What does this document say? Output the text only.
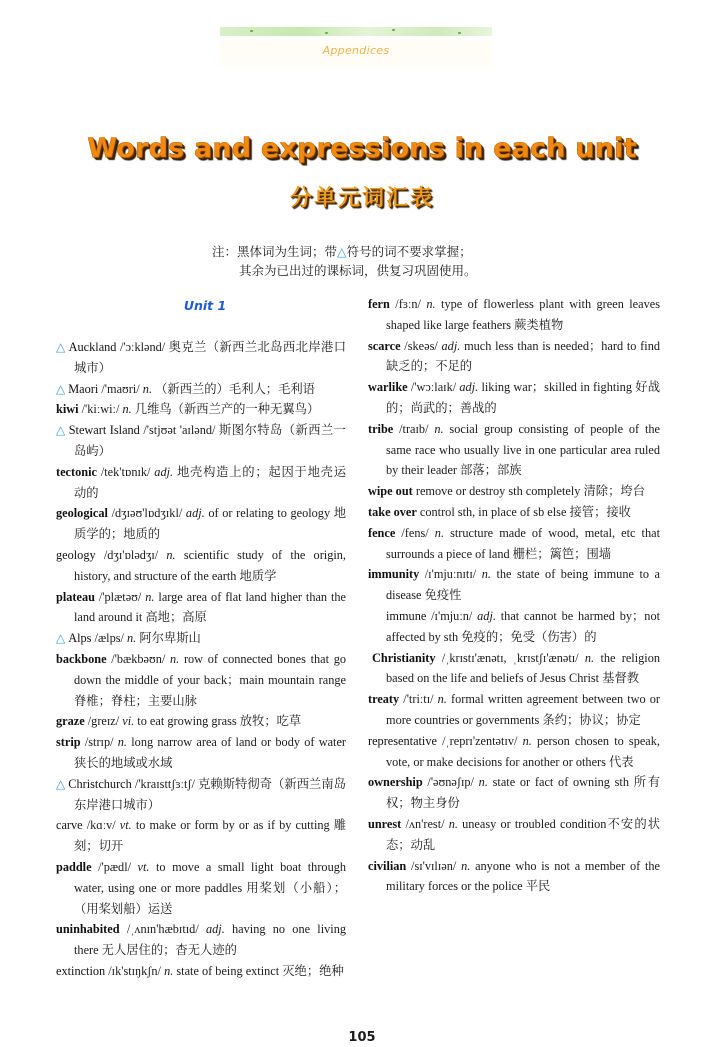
Appendices
Words and expressions in each unit
分单元词汇表
注：黑体词为生词；带△符号的词不要求掌握；
其余为已出过的课标词，供复习巩固使用。
Unit 1

△ Auckland /'ɔːklənd/ 奥克兰（新西兰北岛西北岸港口城市）

△ Maori /'maʊri/ n. （新西兰的）毛利人；毛利语

kiwi /'kiːwiː/ n. 几维鸟（新西兰产的一种无翼鸟）

△ Stewart Island /'stjʊət 'aɪlənd/ 斯图尔特岛（新西兰一岛屿）

tectonic /tek'tɒnɪk/ adj. 地壳构造上的；起因于地壳运动的

geological /dʒɪəʊ'lɒdʒɪkl/ adj. of or relating to geology 地质学的；地质的

geology /dʒɪ'ɒlədʒɪ/ n. scientific study of the origin, history, and structure of the earth 地质学

plateau /'plætəʊ/ n. large area of flat land higher than the land around it 高地；高原

△ Alps /ælps/ n. 阿尔卑斯山

backbone /'bækbəʊn/ n. row of connected bones that go down the middle of your back；main mountain range 脊椎；脊柱；主要山脉

graze /greɪz/ vi. to eat growing grass 放牧；吃草

strip /strɪp/ n. long narrow area of land or body of water 狭长的地域或水域

△ Christchurch /'kraɪsttʃɜːtʃ/ 克赖斯特彻奇（新西兰南岛东岸港口城市）

carve /kɑːv/ vt. to make or form by or as if by cutting 雕刻；切开

paddle /'pædl/ vt. to move a small light boat through water, using one or more paddles 用桨划（小船）；（用桨划船）运送

uninhabited /ˌʌnɪn'hæbɪtɪd/ adj. having no one living there 无人居住的；杳无人迹的

extinction /ɪk'stɪŋkʃn/ n. state of being extinct 灭绝；绝种

fern /fɜːn/ n. type of flowerless plant with green leaves shaped like large feathers 蕨类植物

scarce /skeəs/ adj. much less than is needed；hard to find 缺乏的；不足的

warlike /'wɔːlaɪk/ adj. liking war；skilled in fighting 好战的；尚武的；善战的

tribe /traɪb/ n. social group consisting of people of the same race who usually live in one particular area ruled by their leader 部落；部族

wipe out remove or destroy sth completely 清除；垮台

take over control sth, in place of sb else 接管；接收

fence /fens/ n. structure made of wood, metal, etc that surrounds a piece of land 栅栏；篱笆；围墙

immunity /ɪ'mjuːnɪtɪ/ n. the state of being immune to a disease 免疫性

immune /ɪ'mjuːn/ adj. that cannot be harmed by；not affected by sth 免疫的；免受（伤害）的

Christianity /ˌkrɪstɪ'ænətɪ, ˌkrɪstʃɪ'ænətɪ/ n. the religion based on the life and beliefs of Jesus Christ 基督教

treaty /'triːtɪ/ n. formal written agreement between two or more countries or governments 条约；协议；协定

representative /ˌreprɪ'zentətɪv/ n. person chosen to speak, vote, or make decisions for another or others 代表

ownership /'əʊnəʃɪp/ n. state or fact of owning sth 所有权；物主身份

unrest /ʌn'rest/ n. uneasy or troubled condition不安的状态；动乱

civilian /sɪ'vɪlɪən/ n. anyone who is not a member of the military forces or the police 平民

105
